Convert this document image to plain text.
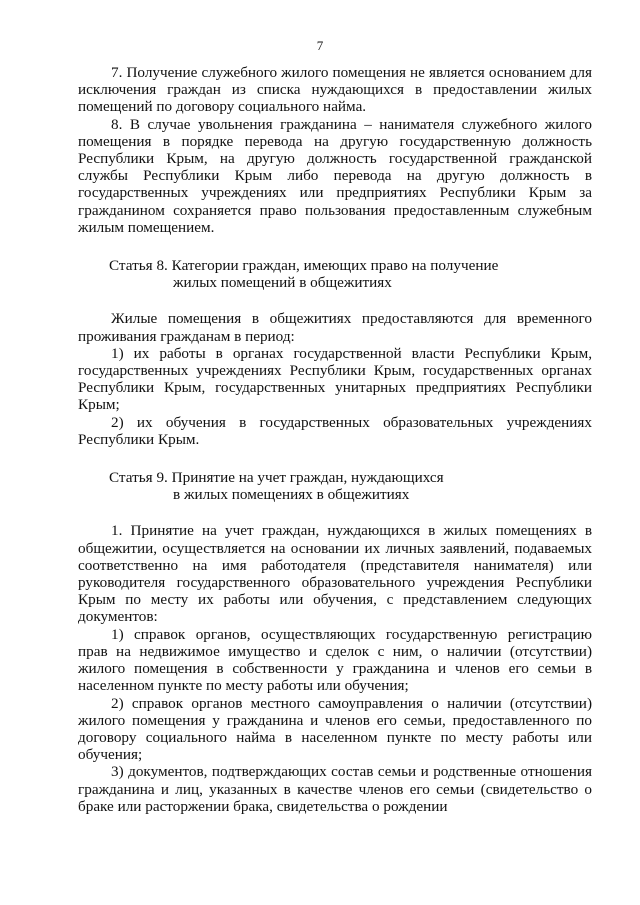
7

7. Получение служебного жилого помещения не является основанием для исключения граждан из списка нуждающихся в предоставлении жилых помещений по договору социального найма.

8. В случае увольнения гражданина – нанимателя служебного жилого помещения в порядке перевода на другую государственную должность Республики Крым, на другую должность государственной гражданской службы Республики Крым либо перевода на другую должность в государственных учреждениях или предприятиях Республики Крым за гражданином сохраняется право пользования предоставленным служебным жилым помещением.

Статья 8. Категории граждан, имеющих право на получение
жилых помещений в общежитиях

Жилые помещения в общежитиях предоставляются для временного проживания гражданам в период:

1) их работы в органах государственной власти Республики Крым, государственных учреждениях Республики Крым, государственных органах Республики Крым, государственных унитарных предприятиях Республики Крым;

2) их обучения в государственных образовательных учреждениях Республики Крым.

Статья 9. Принятие на учет граждан, нуждающихся
в жилых помещениях в общежитиях

1. Принятие на учет граждан, нуждающихся в жилых помещениях в общежитии, осуществляется на основании их личных заявлений, подаваемых соответственно на имя работодателя (представителя нанимателя) или руководителя государственного образовательного учреждения Республики Крым по месту их работы или обучения, с представлением следующих документов:

1) справок органов, осуществляющих государственную регистрацию прав на недвижимое имущество и сделок с ним, о наличии (отсутствии) жилого помещения в собственности у гражданина и членов его семьи в населенном пункте по месту работы или обучения;

2) справок органов местного самоуправления о наличии (отсутствии) жилого помещения у гражданина и членов его семьи, предоставленного по договору социального найма в населенном пункте по месту работы или обучения;

3) документов, подтверждающих состав семьи и родственные отношения гражданина и лиц, указанных в качестве членов его семьи (свидетельство о браке или расторжении брака, свидетельства о рождении
